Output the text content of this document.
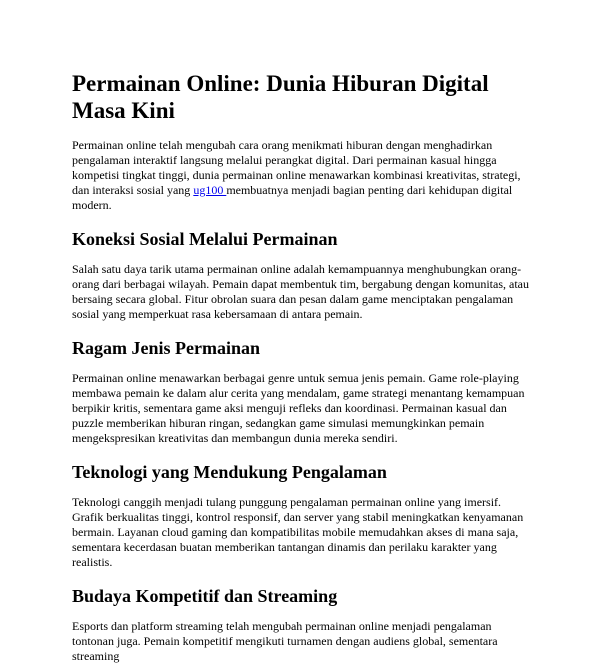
Permainan Online: Dunia Hiburan Digital Masa Kini

Permainan online telah mengubah cara orang menikmati hiburan dengan menghadirkan pengalaman interaktif langsung melalui perangkat digital. Dari permainan kasual hingga kompetisi tingkat tinggi, dunia permainan online menawarkan kombinasi kreativitas, strategi, dan interaksi sosial yang ug100 membuatnya menjadi bagian penting dari kehidupan digital modern.

Koneksi Sosial Melalui Permainan

Salah satu daya tarik utama permainan online adalah kemampuannya menghubungkan orang-orang dari berbagai wilayah. Pemain dapat membentuk tim, bergabung dengan komunitas, atau bersaing secara global. Fitur obrolan suara dan pesan dalam game menciptakan pengalaman sosial yang memperkuat rasa kebersamaan di antara pemain.

Ragam Jenis Permainan

Permainan online menawarkan berbagai genre untuk semua jenis pemain. Game role-playing membawa pemain ke dalam alur cerita yang mendalam, game strategi menantang kemampuan berpikir kritis, sementara game aksi menguji refleks dan koordinasi. Permainan kasual dan puzzle memberikan hiburan ringan, sedangkan game simulasi memungkinkan pemain mengekspresikan kreativitas dan membangun dunia mereka sendiri.

Teknologi yang Mendukung Pengalaman

Teknologi canggih menjadi tulang punggung pengalaman permainan online yang imersif. Grafik berkualitas tinggi, kontrol responsif, dan server yang stabil meningkatkan kenyamanan bermain. Layanan cloud gaming dan kompatibilitas mobile memudahkan akses di mana saja, sementara kecerdasan buatan memberikan tantangan dinamis dan perilaku karakter yang realistis.

Budaya Kompetitif dan Streaming

Esports dan platform streaming telah mengubah permainan online menjadi pengalaman tontonan juga. Pemain kompetitif mengikuti turnamen dengan audiens global, sementara streaming
